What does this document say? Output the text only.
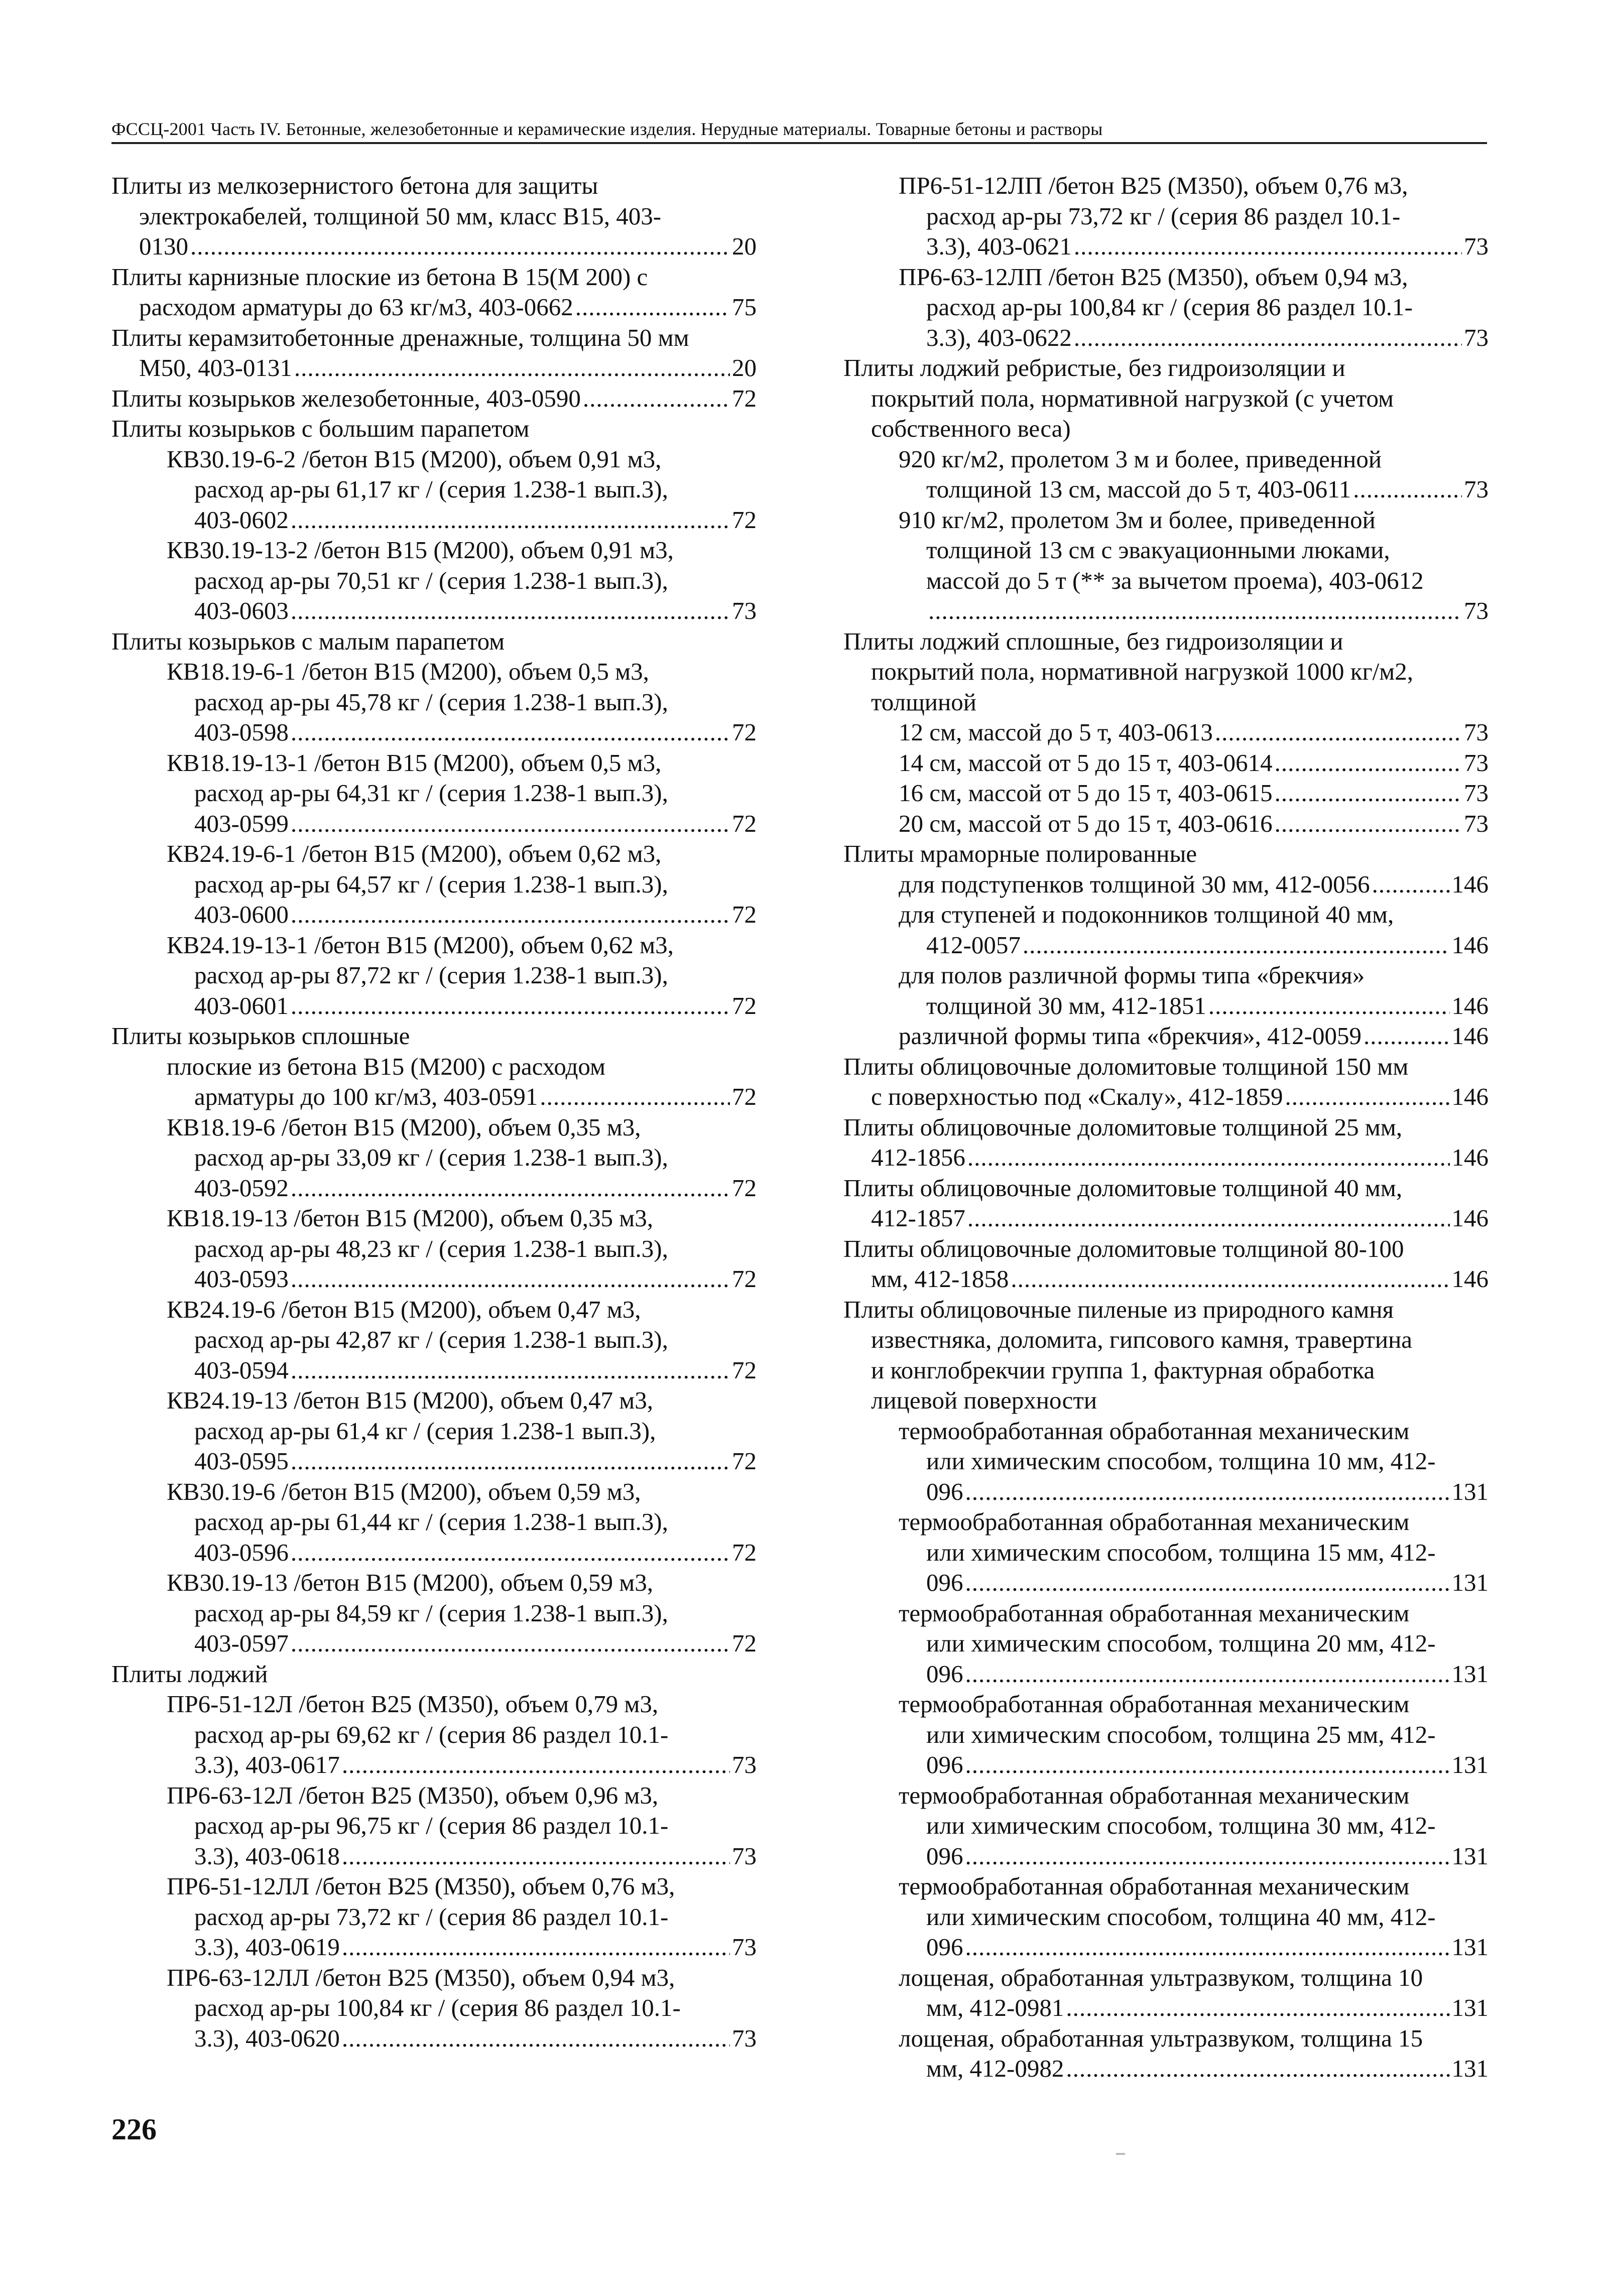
ФССЦ-2001 Часть IV. Бетонные, железобетонные и керамические изделия. Нерудные материалы. Товарные бетоны и растворы
Плиты из мелкозернистого бетона для защиты
электрокабелей, толщиной 50 мм, класс В15, 403-
0130 .....	20
Плиты карнизные плоские из бетона В 15(М 200) с
расходом арматуры до 63 кг/м3, 403-0662 .....	75
Плиты керамзитобетонные дренажные, толщина 50 мм
М50, 403-0131 .....	20
Плиты козырьков железобетонные, 403-0590 .....	72
Плиты козырьков с большим парапетом
КВ30.19-6-2 /бетон В15 (М200), объем 0,91 м3,
расход ар-ры 61,17 кг / (серия 1.238-1 вып.3),
403-0602 .....	72
КВ30.19-13-2 /бетон В15 (М200), объем 0,91 м3,
расход ар-ры 70,51 кг / (серия 1.238-1 вып.3),
403-0603 .....	73
Плиты козырьков с малым парапетом
КВ18.19-6-1 /бетон В15 (М200), объем 0,5 м3,
расход ар-ры 45,78 кг / (серия 1.238-1 вып.3),
403-0598 .....	72
КВ18.19-13-1 /бетон В15 (М200), объем 0,5 м3,
расход ар-ры 64,31 кг / (серия 1.238-1 вып.3),
403-0599 .....	72
КВ24.19-6-1 /бетон В15 (М200), объем 0,62 м3,
расход ар-ры 64,57 кг / (серия 1.238-1 вып.3),
403-0600 .....	72
КВ24.19-13-1 /бетон В15 (М200), объем 0,62 м3,
расход ар-ры 87,72 кг / (серия 1.238-1 вып.3),
403-0601 .....	72
Плиты козырьков сплошные
плоские из бетона В15 (М200) с расходом
арматуры до 100 кг/м3, 403-0591 .....	72
КВ18.19-6 /бетон В15 (М200), объем 0,35 м3,
расход ар-ры 33,09 кг / (серия 1.238-1 вып.3),
403-0592 .....	72
КВ18.19-13 /бетон В15 (М200), объем 0,35 м3,
расход ар-ры 48,23 кг / (серия 1.238-1 вып.3),
403-0593 .....	72
КВ24.19-6 /бетон В15 (М200), объем 0,47 м3,
расход ар-ры 42,87 кг / (серия 1.238-1 вып.3),
403-0594 .....	72
КВ24.19-13 /бетон В15 (М200), объем 0,47 м3,
расход ар-ры 61,4 кг / (серия 1.238-1 вып.3),
403-0595 .....	72
КВ30.19-6 /бетон В15 (М200), объем 0,59 м3,
расход ар-ры 61,44 кг / (серия 1.238-1 вып.3),
403-0596 .....	72
КВ30.19-13 /бетон В15 (М200), объем 0,59 м3,
расход ар-ры 84,59 кг / (серия 1.238-1 вып.3),
403-0597 .....	72
Плиты лоджий
ПР6-51-12Л /бетон В25 (М350), объем 0,79 м3,
расход ар-ры 69,62 кг / (серия 86 раздел 10.1-
3.3), 403-0617 .....	73
ПР6-63-12Л /бетон В25 (М350), объем 0,96 м3,
расход ар-ры 96,75 кг / (серия 86 раздел 10.1-
3.3), 403-0618 .....	73
ПР6-51-12ЛЛ /бетон В25 (М350), объем 0,76 м3,
расход ар-ры 73,72 кг / (серия 86 раздел 10.1-
3.3), 403-0619 .....	73
ПР6-63-12ЛЛ /бетон В25 (М350), объем 0,94 м3,
расход ар-ры 100,84 кг / (серия 86 раздел 10.1-
3.3), 403-0620 .....	73
ПР6-51-12ЛП /бетон В25 (М350), объем 0,76 м3,
расход ар-ры 73,72 кг / (серия 86 раздел 10.1-
3.3), 403-0621 .....	73
ПР6-63-12ЛП /бетон В25 (М350), объем 0,94 м3,
расход ар-ры 100,84 кг / (серия 86 раздел 10.1-
3.3), 403-0622 .....	73
Плиты лоджий ребристые, без гидроизоляции и
покрытий пола, нормативной нагрузкой (с учетом
собственного веса)
920 кг/м2, пролетом 3 м и более, приведенной
толщиной 13 см, массой до 5 т, 403-0611 .....	73
910 кг/м2, пролетом 3м и более, приведенной
толщиной 13 см с эвакуационными люками,
массой до 5 т (** за вычетом проема), 403-0612
.....
73
Плиты лоджий сплошные, без гидроизоляции и
покрытий пола, нормативной нагрузкой 1000 кг/м2,
толщиной
12 см, массой до 5 т, 403-0613 .....	73
14 см, массой от 5 до 15 т, 403-0614 .....	73
16 см, массой от 5 до 15 т, 403-0615 .....	73
20 см, массой от 5 до 15 т, 403-0616 .....	73
Плиты мраморные полированные
для подступенков толщиной 30 мм, 412-0056 .....	146
для ступеней и подоконников толщиной 40 мм,
412-0057 .....	146
для полов различной формы типа «брекчия»
толщиной 30 мм, 412-1851 .....	146
различной формы типа «брекчия», 412-0059 .....	146
Плиты облицовочные доломитовые толщиной 150 мм
с поверхностью под «Скалу», 412-1859 .....	146
Плиты облицовочные доломитовые толщиной 25 мм,
412-1856 .....	146
Плиты облицовочные доломитовые толщиной 40 мм,
412-1857 .....	146
Плиты облицовочные доломитовые толщиной 80-100
мм, 412-1858 .....	146
Плиты облицовочные пиленые из природного камня
известняка, доломита, гипсового камня, травертина
и конглобрекчии группа 1, фактурная обработка
лицевой поверхности
термообработанная обработанная механическим
или химическим способом, толщина 10 мм, 412-
096 .....	131
термообработанная обработанная механическим
или химическим способом, толщина 15 мм, 412-
096 .....	131
термообработанная обработанная механическим
или химическим способом, толщина 20 мм, 412-
096 .....	131
термообработанная обработанная механическим
или химическим способом, толщина 25 мм, 412-
096 .....	131
термообработанная обработанная механическим
или химическим способом, толщина 30 мм, 412-
096 .....	131
термообработанная обработанная механическим
или химическим способом, толщина 40 мм, 412-
096 .....	131
лощеная, обработанная ультразвуком, толщина 10
мм, 412-0981 .....	131
лощеная, обработанная ультразвуком, толщина 15
мм, 412-0982 .....	131
226
